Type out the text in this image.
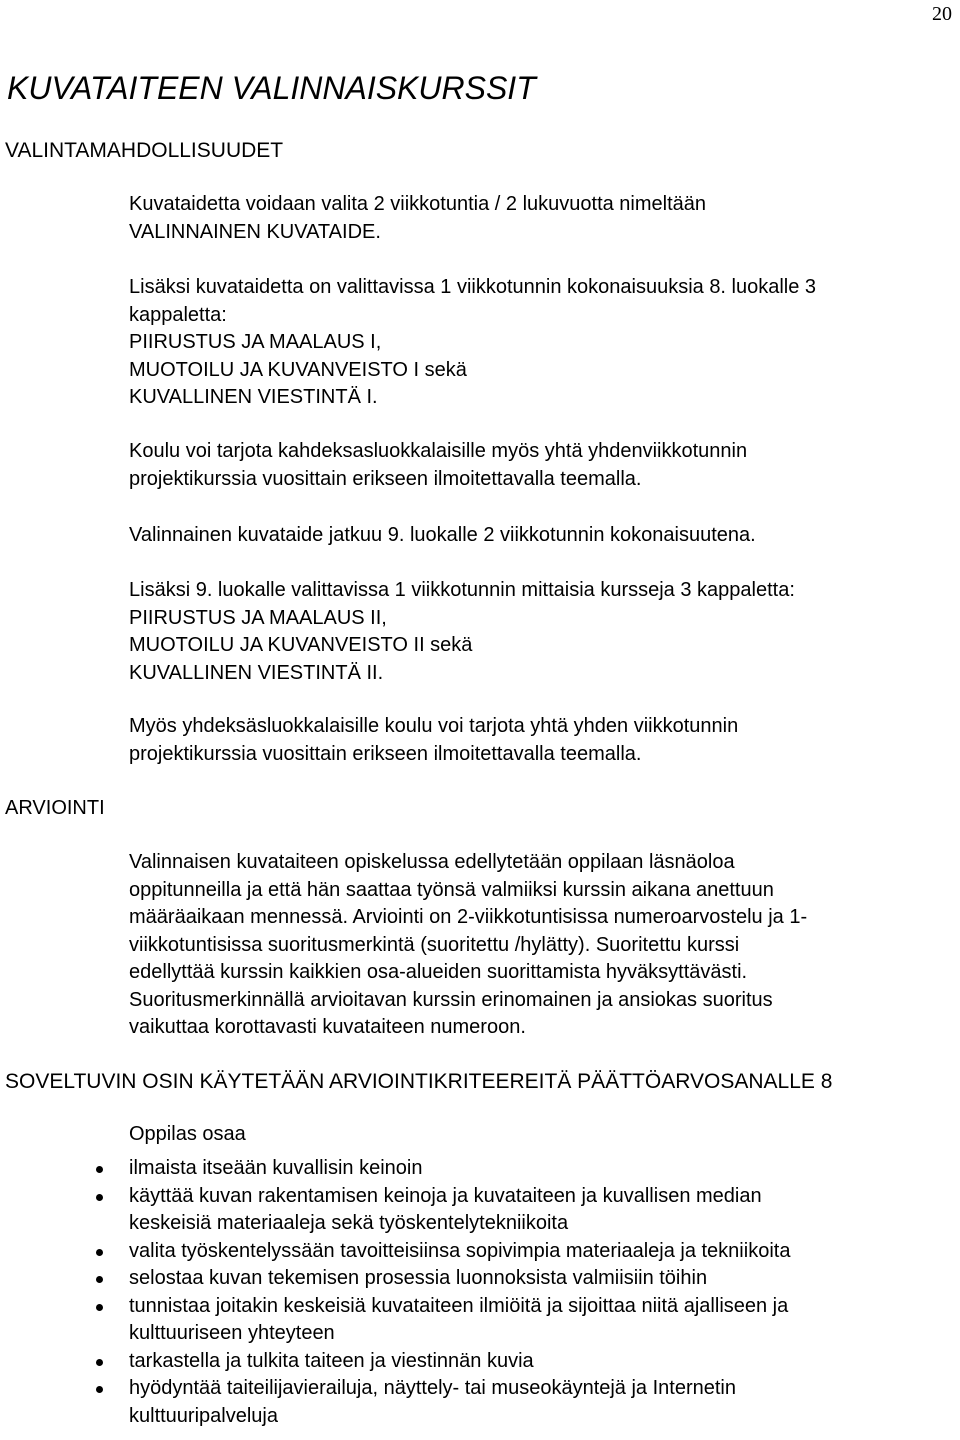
20
KUVATAITEEN VALINNAISKURSSIT
VALINTAMAHDOLLISUUDET

Kuvataidetta voidaan valita 2 viikkotuntia / 2 lukuvuotta nimeltään
VALINNAINEN KUVATAIDE.

Lisäksi kuvataidetta on valittavissa 1 viikkotunnin kokonaisuuksia 8. luokalle 3
kappaletta:
PIIRUSTUS JA MAALAUS I,
MUOTOILU JA KUVANVEISTO I sekä
KUVALLINEN VIESTINTÄ I.
Koulu voi tarjota kahdeksasluokkalaisille myös yhtä yhdenviikkotunnin
projektikurssia vuosittain erikseen ilmoitettavalla teemalla.
Valinnainen kuvataide jatkuu 9. luokalle 2 viikkotunnin kokonaisuutena.
Lisäksi 9. luokalle valittavissa 1 viikkotunnin mittaisia kursseja 3 kappaletta:
PIIRUSTUS JA MAALAUS II,
MUOTOILU JA KUVANVEISTO II sekä
KUVALLINEN VIESTINTÄ II.
Myös yhdeksäsluokkalaisille koulu voi tarjota yhtä yhden viikkotunnin
projektikurssia vuosittain erikseen ilmoitettavalla teemalla.
ARVIOINTI
Valinnaisen kuvataiteen opiskelussa edellytetään oppilaan läsnäoloa
oppitunneilla ja että hän saattaa työnsä valmiiksi kurssin aikana anettuun
määräaikaan mennessä. Arviointi on 2-viikkotuntisissa numeroarvostelu ja 1-
viikkotuntisissa suoritusmerkintä (suoritettu /hylätty). Suoritettu kurssi
edellyttää kurssin kaikkien osa-alueiden suorittamista hyväksyttävästi.
Suoritusmerkinnällä arvioitavan kurssin erinomainen ja ansiokas suoritus
vaikuttaa korottavasti kuvataiteen numeroon.
SOVELTUVIN OSIN KÄYTETÄÄN ARVIOINTIKRITEEREITÄ PÄÄTTÖARVOSANALLE 8
Oppilas osaa
ilmaista itseään kuvallisin keinoin
käyttää kuvan rakentamisen keinoja ja kuvataiteen ja kuvallisen median
keskeisiä materiaaleja sekä työskentelytekniikoita
valita työskentelyssään tavoitteisiinsa sopivimpia materiaaleja ja tekniikoita
selostaa kuvan tekemisen prosessia luonnoksista valmiisiin töihin
tunnistaa joitakin keskeisiä kuvataiteen ilmiöitä ja sijoittaa niitä ajalliseen ja
kulttuuriseen yhteyteen
tarkastella ja tulkita taiteen ja viestinnän kuvia
hyödyntää taiteilijavierailuja, näyttely- tai museokäyntejä ja Internetin
kulttuuripalveluja
